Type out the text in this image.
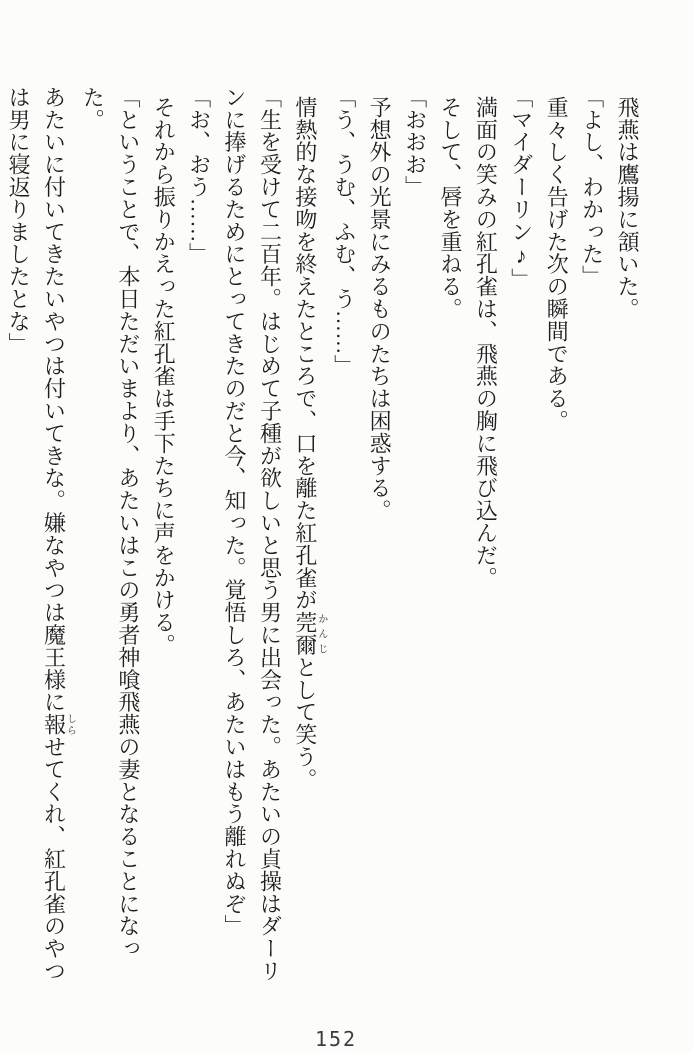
飛燕は鷹揚に頷いた。
「よし、わかった」
重々しく告げた次の瞬間である。
「マイダーリン♪」
満面の笑みの紅孔雀は、飛燕の胸に飛び込んだ。
そして、唇を重ねる。
「おおお」
予想外の光景にみるものたちは困惑する。
「う、うむ、ふむ、う……」
情熱的な接吻を終えたところで、口を離た紅孔雀が莞爾かんじとして笑う。
「生を受けて二百年。はじめて子種が欲しいと思う男に出会った。あたいの貞操はダーリ
ンに捧げるためにとってきたのだと今、知った。覚悟しろ、あたいはもう離れぬぞ」
「お、おう……」
それから振りかえった紅孔雀は手下たちに声をかける。
「ということで、本日ただいまより、あたいはこの勇者神喰飛燕の妻となることになった。
あたいに付いてきたいやつは付いてきな。嫌なやつは魔王様に報しらせてくれ、紅孔雀のやつ
は男に寝返りましたとな」
152
